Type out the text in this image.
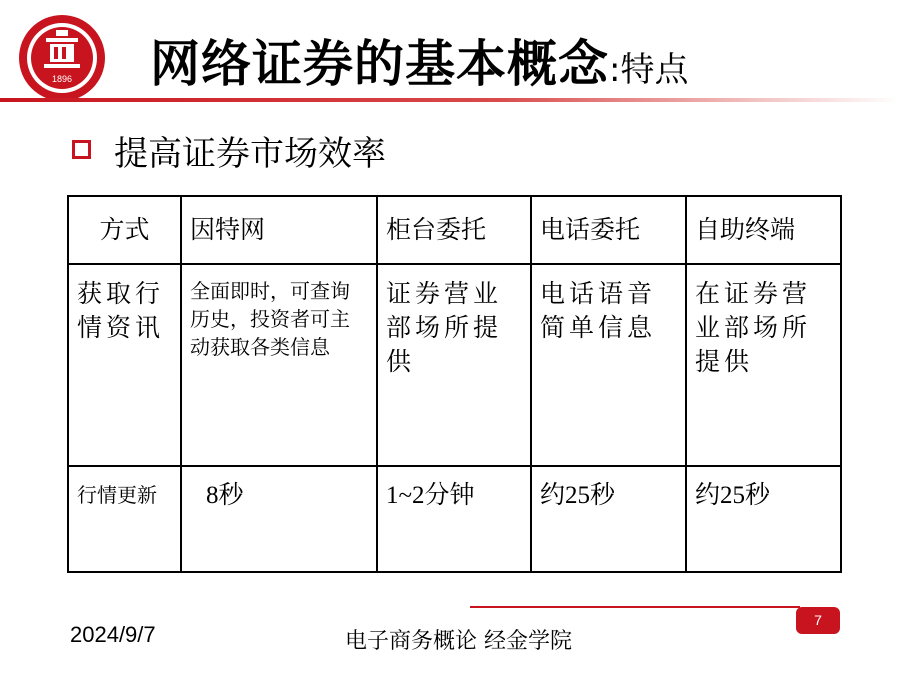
1896 网络证券的基本概念:特点
提高证券市场效率
方式	因特网	柜台委托	电话委托	自助终端
获取行情资讯	全面即时，可查询历史，投资者可主动获取各类信息	证券营业部场所提供	电话语音简单信息	在证券营业部场所提供
行情更新	8秒	1~2分钟	约25秒	约25秒
7
2024/9/7	电子商务概论 经金学院
